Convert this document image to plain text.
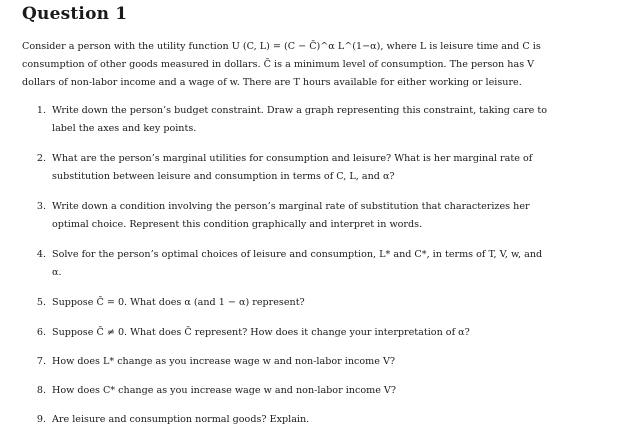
Question 1
Consider a person with the utility function U (C, L) = (C − C̄)^α L^(1−α), where L is leisure time and C is
consumption of other goods measured in dollars. C̄ is a minimum level of consumption. The person has V
dollars of non-labor income and a wage of w. There are T hours available for either working or leisure.
1. Write down the person’s budget constraint. Draw a graph representing this constraint, taking care to
label the axes and key points.
2. What are the person’s marginal utilities for consumption and leisure? What is her marginal rate of
substitution between leisure and consumption in terms of C, L, and α?
3. Write down a condition involving the person’s marginal rate of substitution that characterizes her
optimal choice. Represent this condition graphically and interpret in words.
4. Solve for the person’s optimal choices of leisure and consumption, L* and C*, in terms of T, V, w, and
α.
5. Suppose C̄ = 0. What does α (and 1 − α) represent?
6. Suppose C̄ ≠ 0. What does C̄ represent? How does it change your interpretation of α?
7. How does L* change as you increase wage w and non-labor income V?
8. How does C* change as you increase wage w and non-labor income V?
9. Are leisure and consumption normal goods? Explain.
